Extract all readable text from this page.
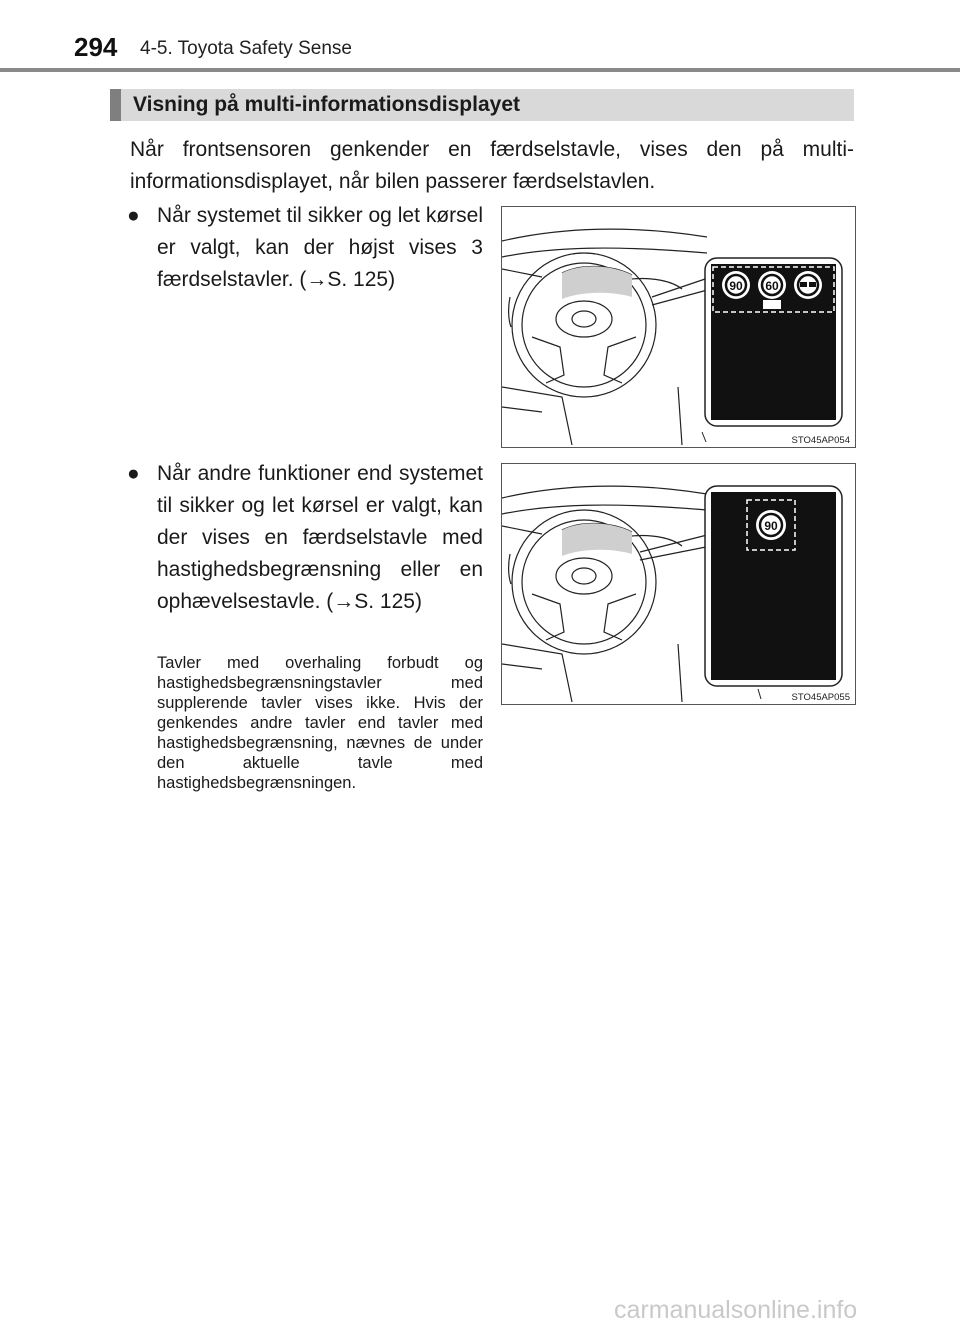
294 4-5. Toyota Safety Sense
Visning på multi-informationsdisplayet
Når frontsensoren genkender en færdselstavle, vises den på multi-informationsdisplayet, når bilen passerer færdselstavlen.
● Når systemet til sikker og let kørsel er valgt, kan der højst vises 3 færdselstavler. (→S. 125)	90 60
STO45AP054
● Når andre funktioner end systemet til sikker og let kørsel er valgt, kan der vises en færdselstavle med hastighedsbegrænsning eller en ophævelsestavle. (→S. 125)
Tavler med overhaling forbudt og hastighedsbegrænsningstavler med supplerende tavler vises ikke. Hvis der genkendes andre tavler end tavler med hastighedsbegrænsning, nævnes de under den aktuelle tavle med hastighedsbegrænsningen.
90
STO45AP055
carmanualsonline.info
